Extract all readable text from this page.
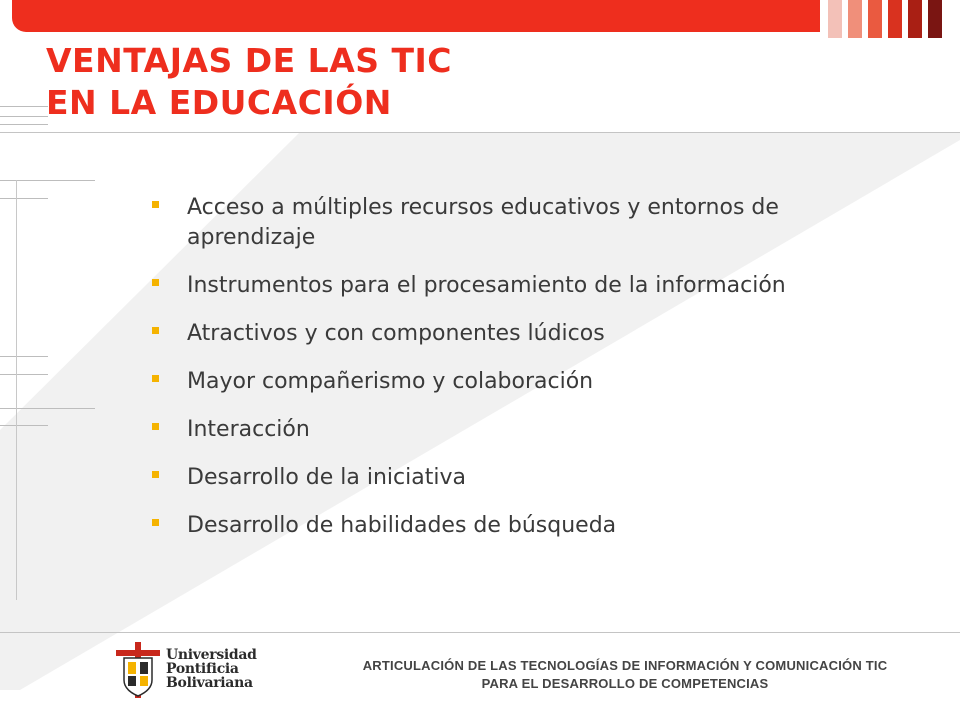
VENTAJAS DE LAS TIC
EN LA EDUCACIÓN
Acceso a múltiples recursos educativos y entornos de aprendizaje
Instrumentos para el procesamiento de la información
Atractivos y con componentes lúdicos
Mayor compañerismo y colaboración
Interacción
Desarrollo de la iniciativa
Desarrollo de habilidades de búsqueda
Universidad
Pontificia
Bolivariana
ARTICULACIÓN DE LAS TECNOLOGÍAS DE INFORMACIÓN Y COMUNICACIÓN TIC
PARA EL DESARROLLO DE COMPETENCIAS
